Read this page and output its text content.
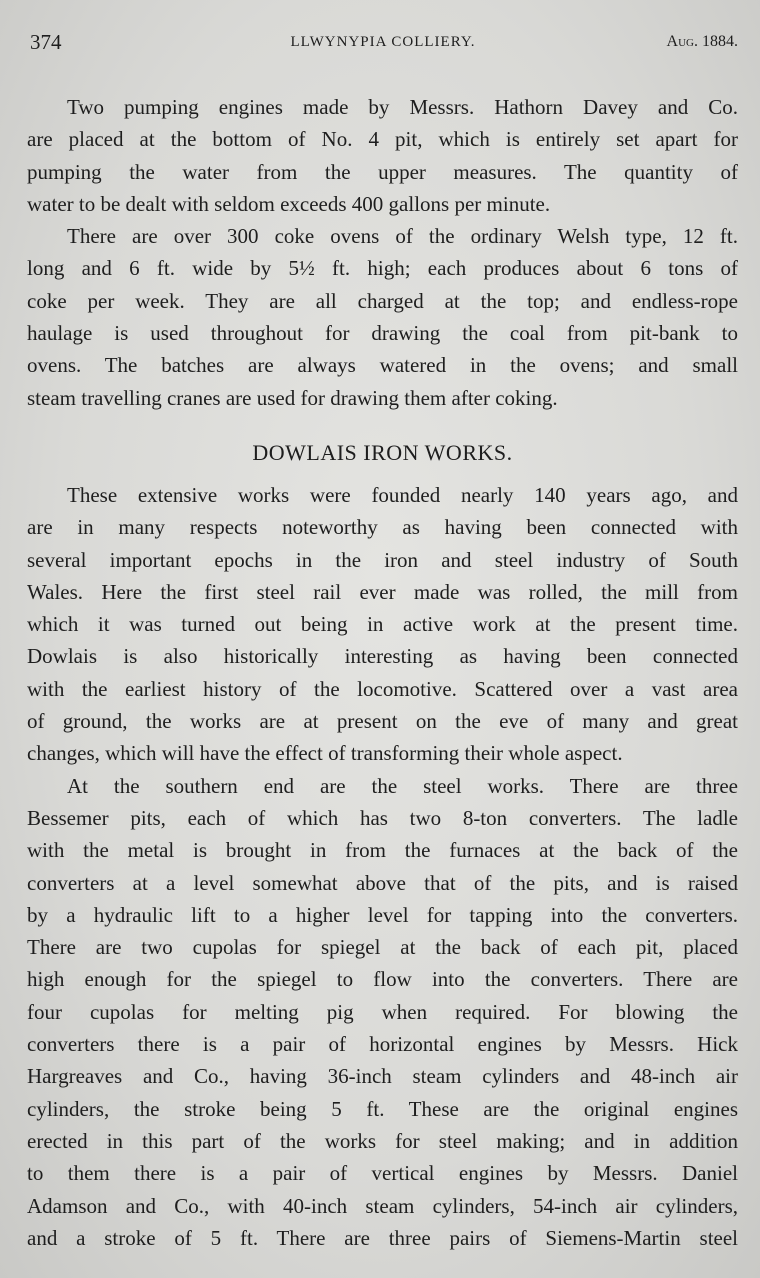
374	LLWYNYPIA COLLIERY.	Aug. 1884.
Two pumping engines made by Messrs. Hathorn Davey and Co.
are placed at the bottom of No. 4 pit, which is entirely set apart for
pumping the water from the upper measures. The quantity of
water to be dealt with seldom exceeds 400 gallons per minute.
There are over 300 coke ovens of the ordinary Welsh type, 12 ft.
long and 6 ft. wide by 5½ ft. high; each produces about 6 tons of
coke per week. They are all charged at the top; and endless-rope
haulage is used throughout for drawing the coal from pit-bank to
ovens. The batches are always watered in the ovens; and small
steam travelling cranes are used for drawing them after coking.
DOWLAIS IRON WORKS.
These extensive works were founded nearly 140 years ago, and
are in many respects noteworthy as having been connected with
several important epochs in the iron and steel industry of South
Wales. Here the first steel rail ever made was rolled, the mill from
which it was turned out being in active work at the present time.
Dowlais is also historically interesting as having been connected
with the earliest history of the locomotive. Scattered over a vast area
of ground, the works are at present on the eve of many and great
changes, which will have the effect of transforming their whole aspect.
At the southern end are the steel works. There are three
Bessemer pits, each of which has two 8-ton converters. The ladle
with the metal is brought in from the furnaces at the back of the
converters at a level somewhat above that of the pits, and is raised
by a hydraulic lift to a higher level for tapping into the converters.
There are two cupolas for spiegel at the back of each pit, placed
high enough for the spiegel to flow into the converters. There are
four cupolas for melting pig when required. For blowing the
converters there is a pair of horizontal engines by Messrs. Hick
Hargreaves and Co., having 36-inch steam cylinders and 48-inch air
cylinders, the stroke being 5 ft. These are the original engines
erected in this part of the works for steel making; and in addition
to them there is a pair of vertical engines by Messrs. Daniel
Adamson and Co., with 40-inch steam cylinders, 54-inch air cylinders,
and a stroke of 5 ft. There are three pairs of Siemens-Martin steel
